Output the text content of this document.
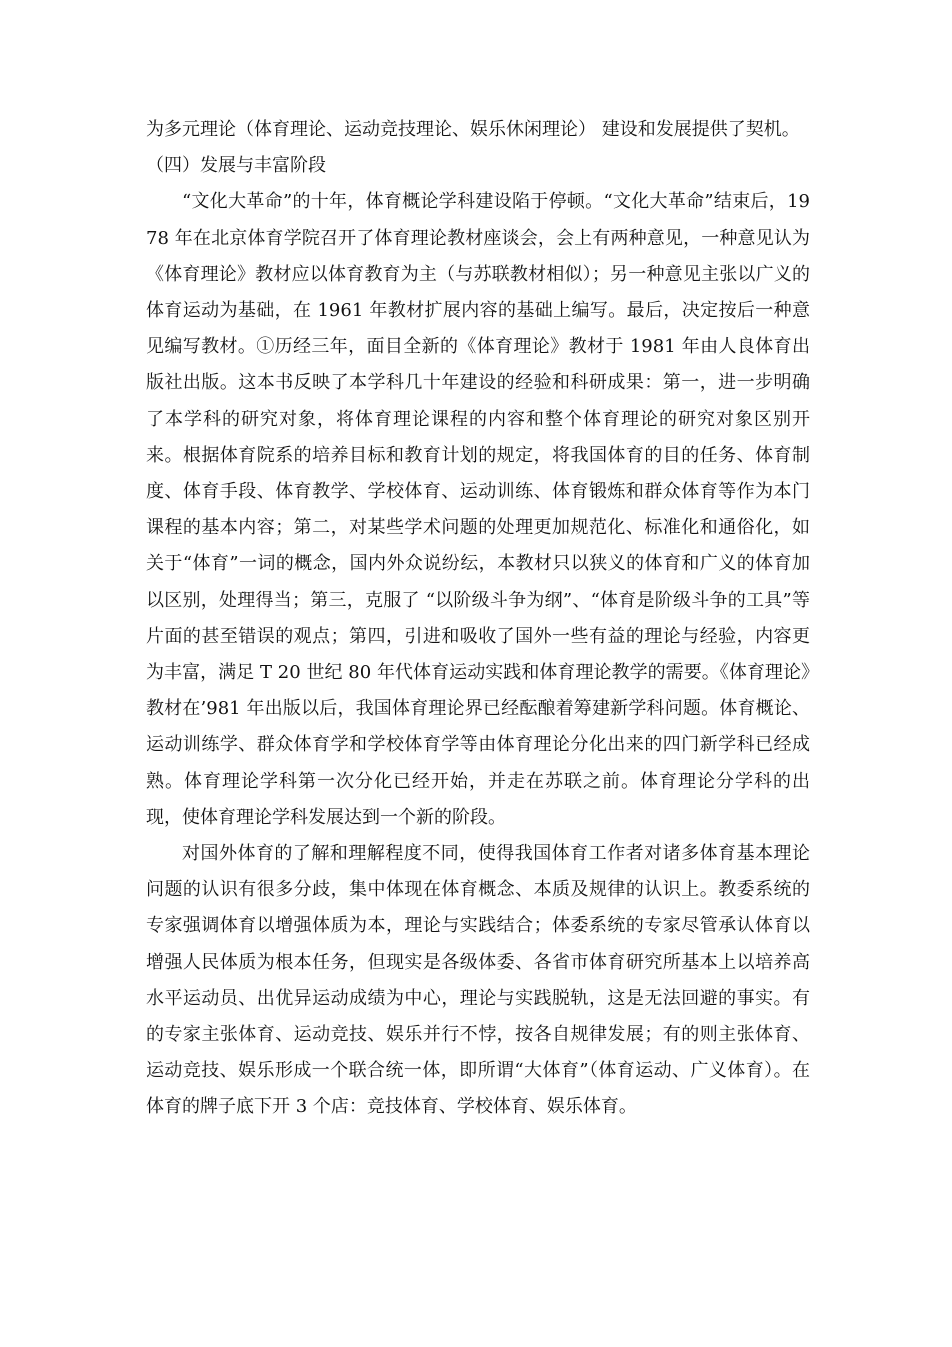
为多元理论（体育理论、运动竞技理论、娱乐休闲理论） 建设和发展提供了契机。

（四）发展与丰富阶段

“文化大革命”的十年，体育概论学科建设陷于停顿。“文化大革命”结束后，1978 年在北京体育学院召开了体育理论教材座谈会，会上有两种意见，一种意见认为《体育理论》教材应以体育教育为主（与苏联教材相似）；另一种意见主张以广义的体育运动为基础，在 1961 年教材扩展内容的基础上编写。最后，决定按后一种意见编写教材。①历经三年，面目全新的《体育理论》教材于 1981 年由人良体育出版社出版。这本书反映了本学科几十年建设的经验和科研成果：第一，进一步明确了本学科的研究对象，将体育理论课程的内容和整个体育理论的研究对象区别开来。根据体育院系的培养目标和教育计划的规定，将我国体育的目的任务、体育制度、体育手段、体育教学、学校体育、运动训练、体育锻炼和群众体育等作为本门课程的基本内容；第二，对某些学术问题的处理更加规范化、标准化和通俗化，如关于“体育”一词的概念，国内外众说纷纭，本教材只以狭义的体育和广义的体育加以区别，处理得当；第三，克服了 “以阶级斗争为纲”、“体育是阶级斗争的工具”等片面的甚至错误的观点；第四，引进和吸收了国外一些有益的理论与经验，内容更为丰富，满足 T 20 世纪 80 年代体育运动实践和体育理论教学的需要。《体育理论》教材在’981 年出版以后，我国体育理论界已经酝酿着筹建新学科问题。体育概论、运动训练学、群众体育学和学校体育学等由体育理论分化出来的四门新学科已经成熟。体育理论学科第一次分化已经开始，并走在苏联之前。体育理论分学科的出现，使体育理论学科发展达到一个新的阶段。

对国外体育的了解和理解程度不同，使得我国体育工作者对诸多体育基本理论问题的认识有很多分歧，集中体现在体育概念、本质及规律的认识上。教委系统的专家强调体育以增强体质为本，理论与实践结合；体委系统的专家尽管承认体育以增强人民体质为根本任务，但现实是各级体委、各省市体育研究所基本上以培养高水平运动员、出优异运动成绩为中心，理论与实践脱轨，这是无法回避的事实。有的专家主张体育、运动竞技、娱乐并行不悖，按各自规律发展；有的则主张体育、运动竞技、娱乐形成一个联合统一体，即所谓“大体育”（体育运动、广义体育）。在体育的牌子底下开 3 个店：竞技体育、学校体育、娱乐体育。
